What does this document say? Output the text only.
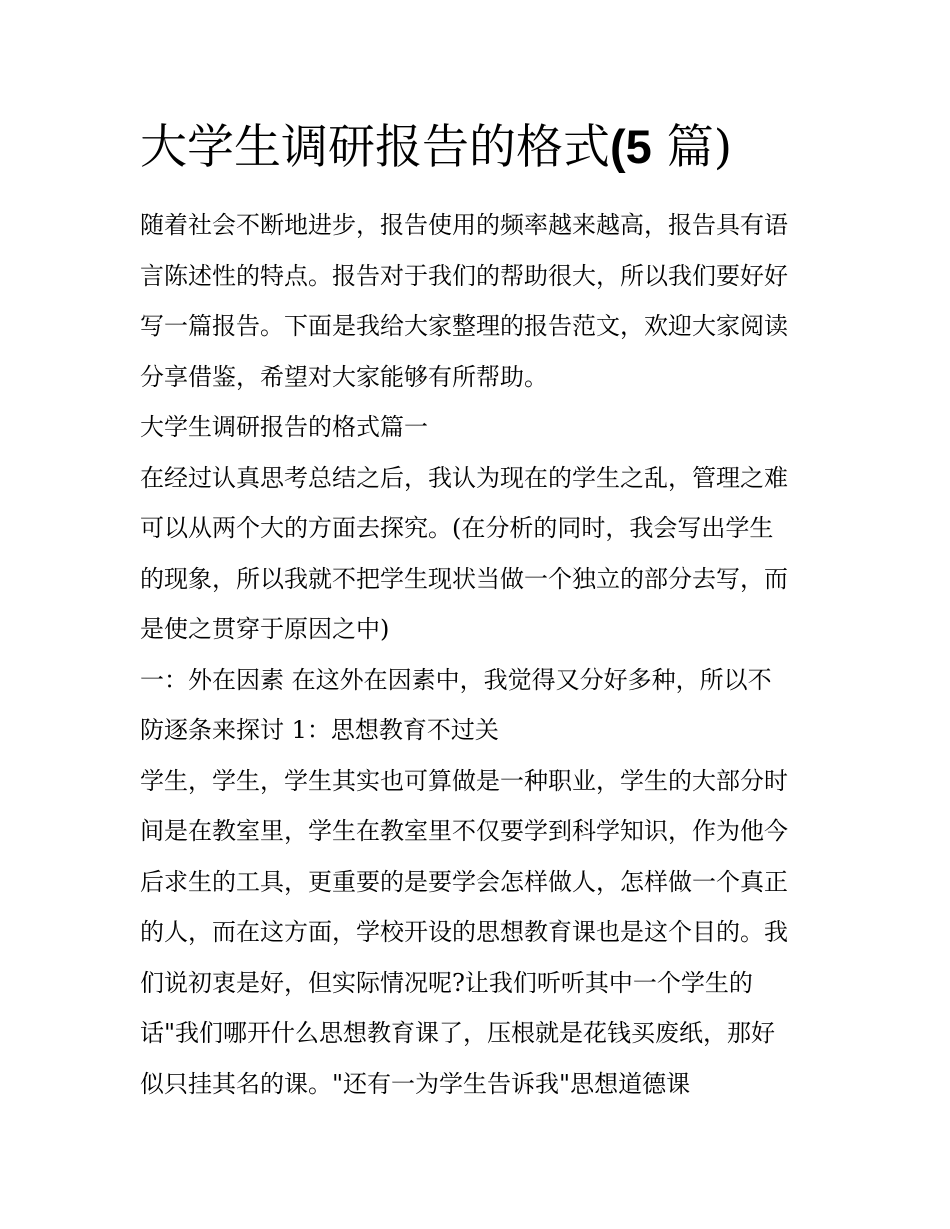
大学生调研报告的格式(5 篇)
随着社会不断地进步，报告使用的频率越来越高，报告具有语
言陈述性的特点。报告对于我们的帮助很大，所以我们要好好
写一篇报告。下面是我给大家整理的报告范文，欢迎大家阅读
分享借鉴，希望对大家能够有所帮助。
大学生调研报告的格式篇一
在经过认真思考总结之后，我认为现在的学生之乱，管理之难
可以从两个大的方面去探究。(在分析的同时，我会写出学生
的现象，所以我就不把学生现状当做一个独立的部分去写，而
是使之贯穿于原因之中)
一：外在因素 在这外在因素中，我觉得又分好多种，所以不
防逐条来探讨 1：思想教育不过关
学生，学生，学生其实也可算做是一种职业，学生的大部分时
间是在教室里，学生在教室里不仅要学到科学知识，作为他今
后求生的工具，更重要的是要学会怎样做人，怎样做一个真正
的人，而在这方面，学校开设的思想教育课也是这个目的。我
们说初衷是好，但实际情况呢?让我们听听其中一个学生的
话"我们哪开什么思想教育课了，压根就是花钱买废纸，那好
似只挂其名的课。"还有一为学生告诉我"思想道德课
